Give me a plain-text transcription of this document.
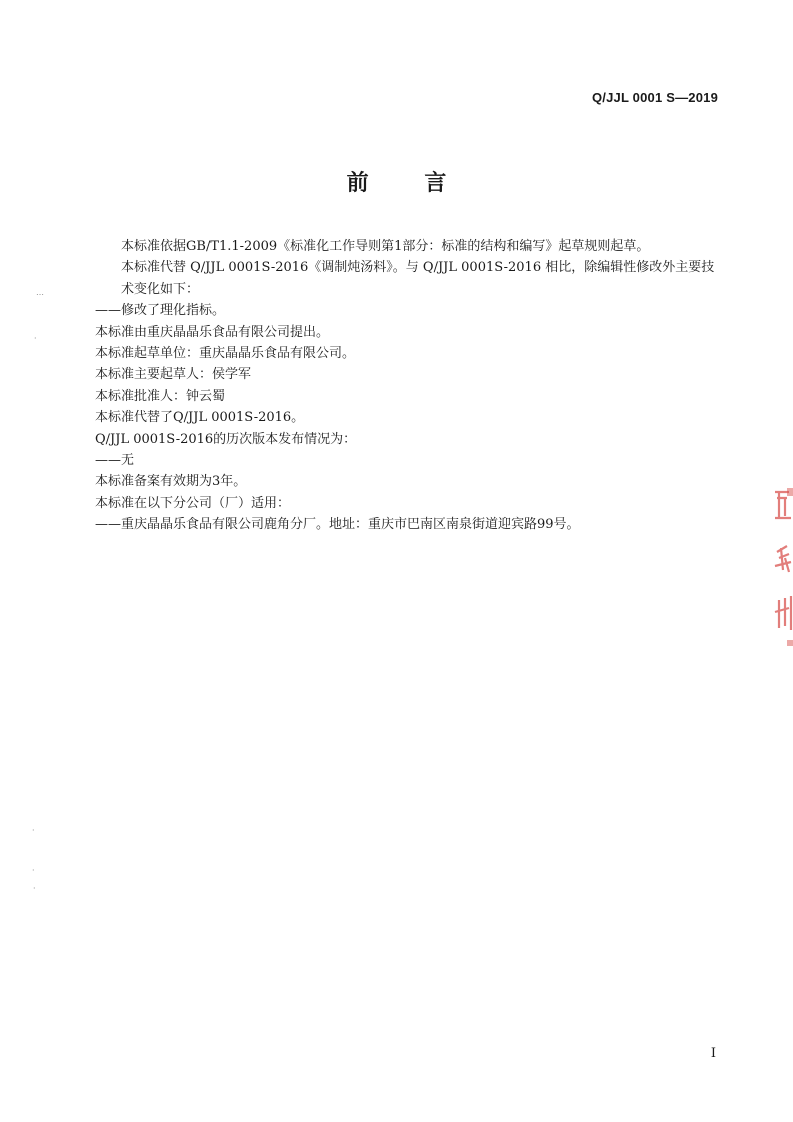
Q/JJL 0001 S—2019
前 言

本标准依据GB/T1.1-2009《标准化工作导则第1部分：标准的结构和编写》起草规则起草。

本标准代替 Q/JJL 0001S-2016《调制炖汤料》。与 Q/JJL 0001S-2016 相比，除编辑性修改外主要技术变化如下：

——修改了理化指标。

本标准由重庆晶晶乐食品有限公司提出。

本标准起草单位：重庆晶晶乐食品有限公司。

本标准主要起草人：侯学军

本标准批准人：钟云蜀

本标准代替了Q/JJL 0001S-2016。

Q/JJL 0001S-2016的历次版本发布情况为：

——无

本标准备案有效期为3年。

本标准在以下分公司（厂）适用：

——重庆晶晶乐食品有限公司鹿角分厂。地址：重庆市巴南区南泉街道迎宾路99号。

⋯
·
·
·
·
I
